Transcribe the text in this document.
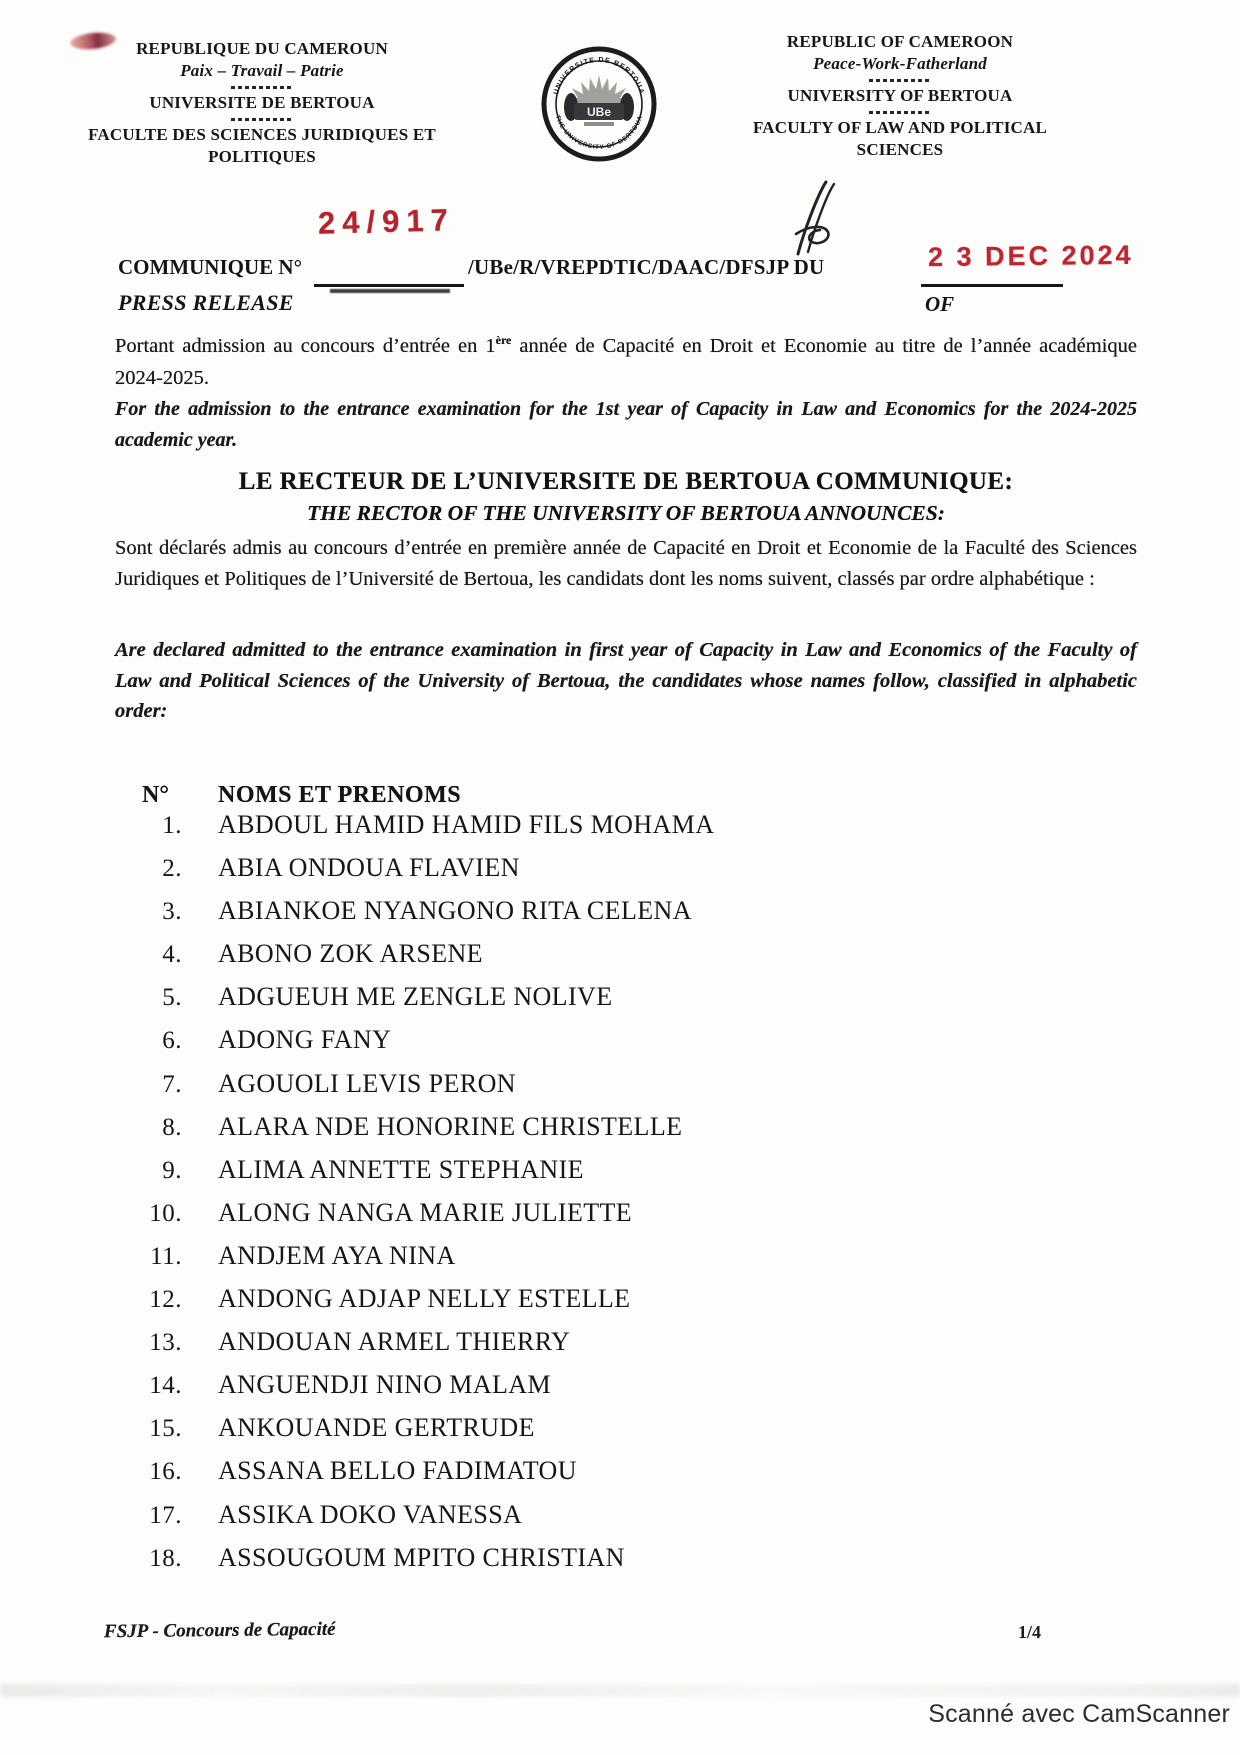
REPUBLIQUE DU CAMEROUN
Paix – Travail – Patrie
UNIVERSITE DE BERTOUA
FACULTE DES SCIENCES JURIDIQUES ET POLITIQUES
UNIVERSITE DE BERTOUA
THE UNIVERSITY OF BERTOUA
UBe
REPUBLIC OF CAMEROON
Peace-Work-Fatherland
UNIVERSITY OF BERTOUA
FACULTY OF LAW AND POLITICAL SCIENCES
COMMUNIQUE N°
24/917
/UBe/R/VREPDTIC/DAAC/DFSJP DU	2 3 DEC 2024
PRESS RELEASE	OF

Portant admission au concours d’entrée en 1ère année de Capacité en Droit et Economie au titre de l’année académique 2024-2025.

For the admission to the entrance examination for the 1st year of Capacity in Law and Economics for the 2024-2025 academic year.

LE RECTEUR DE L’UNIVERSITE DE BERTOUA COMMUNIQUE:
THE RECTOR OF THE UNIVERSITY OF BERTOUA ANNOUNCES:

Sont déclarés admis au concours d’entrée en première année de Capacité en Droit et Economie de la Faculté des Sciences Juridiques et Politiques de l’Université de Bertoua, les candidats dont les noms suivent, classés par ordre alphabétique :

Are declared admitted to the entrance examination in first year of Capacity in Law and Economics of the Faculty of Law and Political Sciences of the University of Bertoua, the candidates whose names follow, classified in alphabetic order:

N° NOMS ET PRENOMS
1. ABDOUL HAMID HAMID FILS MOHAMA
2. ABIA ONDOUA FLAVIEN
3. ABIANKOE NYANGONO RITA CELENA
4. ABONO ZOK ARSENE
5. ADGUEUH ME ZENGLE NOLIVE
6. ADONG FANY
7. AGOUOLI LEVIS PERON
8. ALARA NDE HONORINE CHRISTELLE
9. ALIMA ANNETTE STEPHANIE
10. ALONG NANGA MARIE JULIETTE
11. ANDJEM AYA NINA
12. ANDONG ADJAP NELLY ESTELLE
13. ANDOUAN ARMEL THIERRY
14. ANGUENDJI NINO MALAM
15. ANKOUANDE GERTRUDE
16. ASSANA BELLO FADIMATOU
17. ASSIKA DOKO VANESSA
18. ASSOUGOUM MPITO CHRISTIAN
FSJP - Concours de Capacité	1/4
Scanné avec CamScanner
